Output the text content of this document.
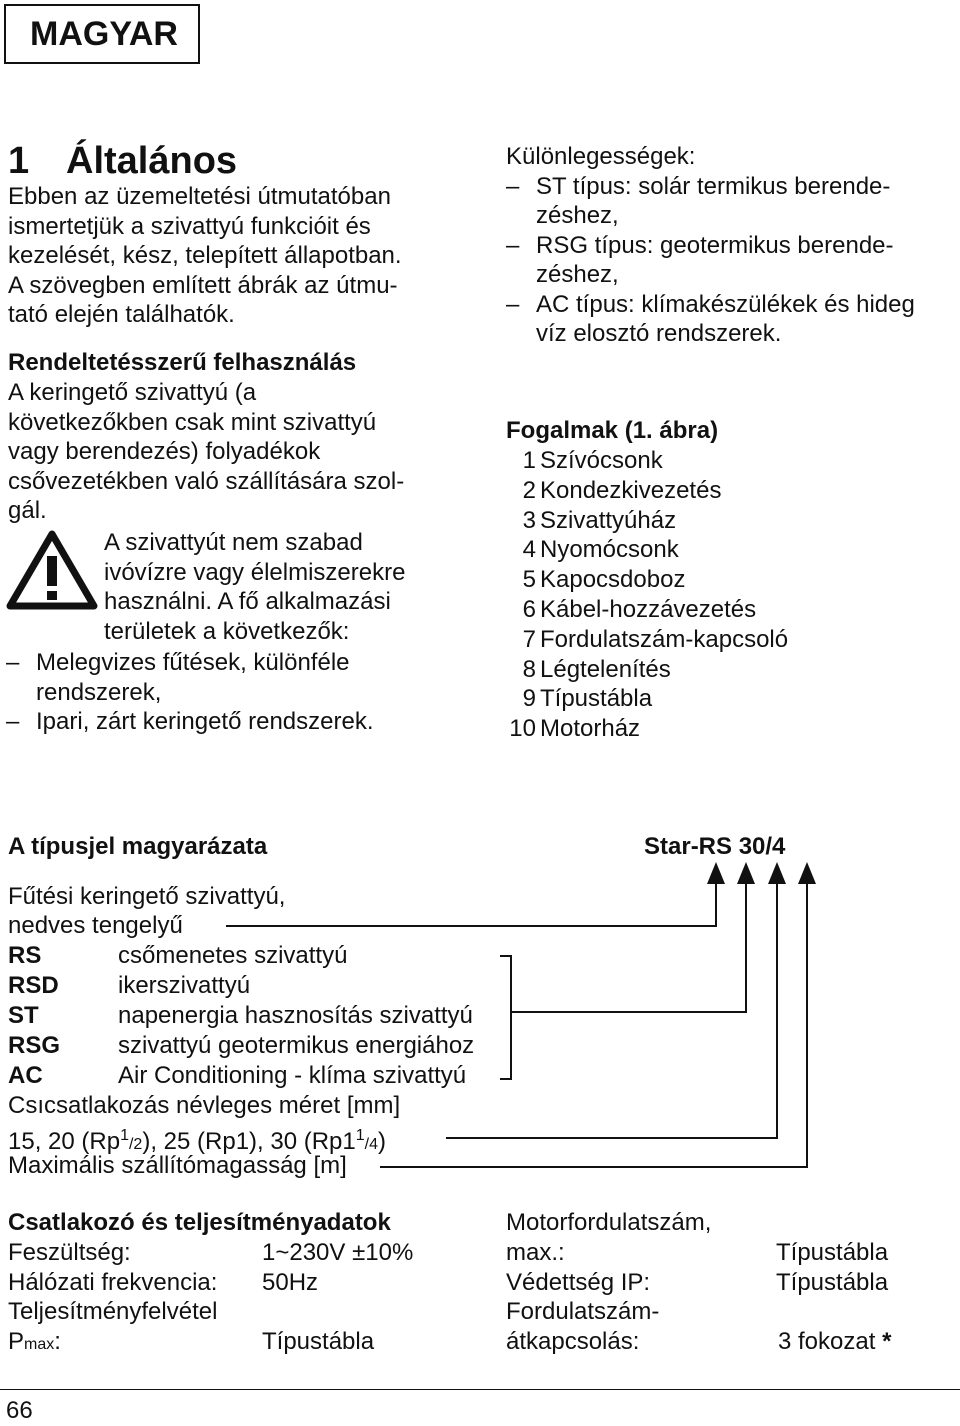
MAGYAR
1 Általános
Ebben az üzemeltetési útmutatóban
ismertetjük a szivattyú funkcióit és
kezelését, kész, telepített állapotban.
A szövegben említett ábrák az útmu-
tató elején találhatók.
Rendeltetésszerű felhasználás
A keringető szivattyú (a
következőkben csak mint szivattyú
vagy berendezés) folyadékok
csővezetékben való szállítására szol-
gál.
A szivattyút nem szabad
ivóvízre vagy élelmiszerekre
használni. A fő alkalmazási
területek a következők:
– Melegvizes fűtések, különféle
rendszerek,
– Ipari, zárt keringető rendszerek.
Különlegességek:
– ST típus: solár termikus berende-
zéshez,
– RSG típus: geotermikus berende-
zéshez,
– AC típus: klímakészülékek és hideg
víz elosztó rendszerek.
Fogalmak (1. ábra)
1 Szívócsonk
2 Kondezkivezetés
3 Szivattyúház
4 Nyomócsonk
5 Kapocsdoboz
6 Kábel-hozzávezetés
7 Fordulatszám-kapcsoló
8 Légtelenítés
9 Típustábla
10 Motorház
A típusjel magyarázata	Star-RS 30/4
Fűtési keringető szivattyú,
nedves tengelyű
RS	csőmenetes szivattyú
RSD	ikerszivattyú
ST	napenergia hasznosítás szivattyú
RSG	szivattyú geotermikus energiához
AC	Air Conditioning - klíma szivattyú
Csıcsatlakozás névleges méret [mm]
15, 20 (Rp$^1$/2), 25 (Rp1), 30 $(Rp1^1/4)$
Maximális szállítómagasság [m]
Csatlakozó és teljesítményadatok
Feszültség:	1~230V ±10%
Hálózati frekvencia: 50Hz
Teljesítményfelvétel
Pmax:	Típustábla
Motorfordulatszám,
max.:	Típustábla
Védettség IP:	Típustábla
Fordulatszám-
átkapcsolás:	3 fokozat *
66
